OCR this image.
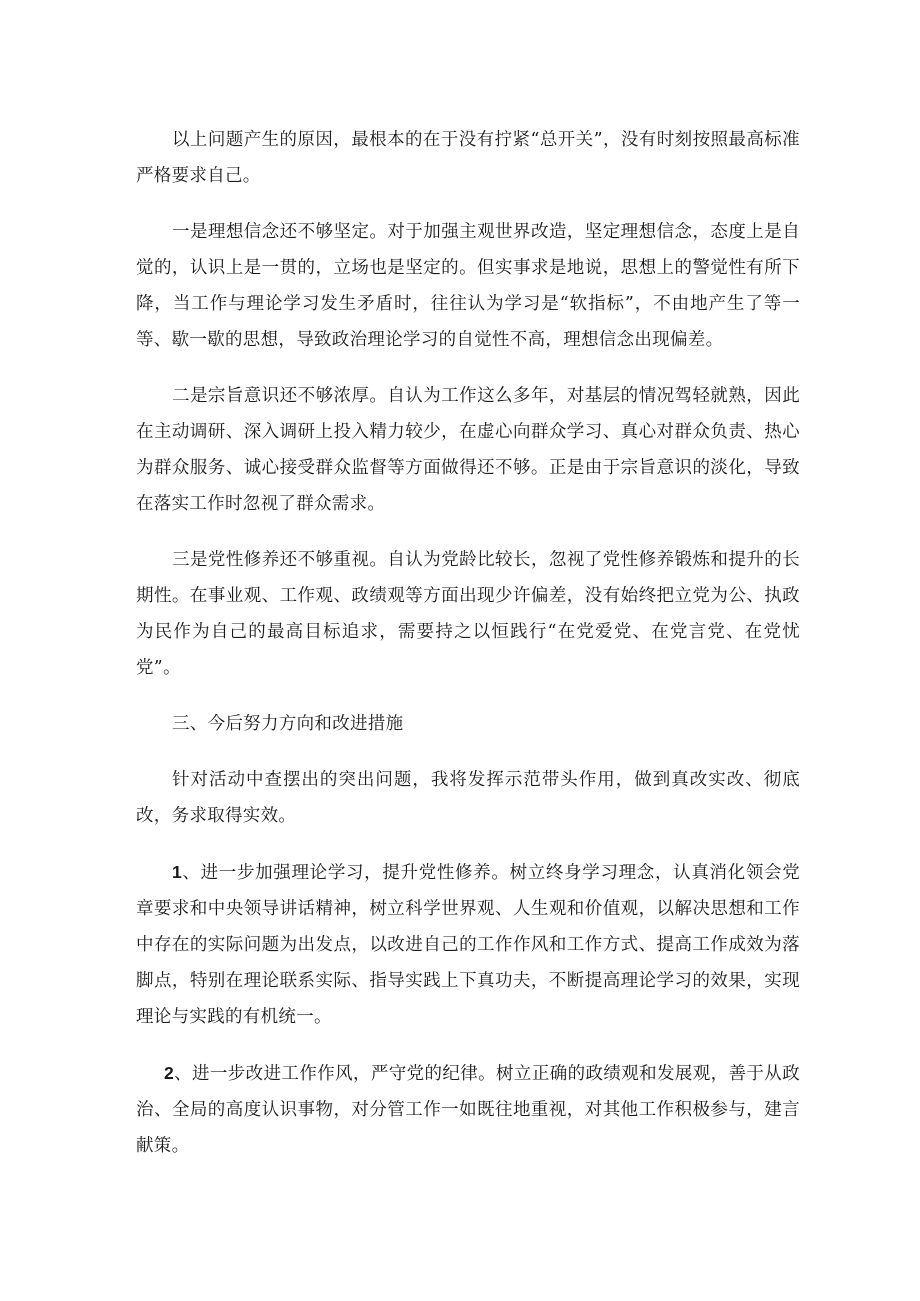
以上问题产生的原因，最根本的在于没有拧紧“总开关”，没有时刻按照最高标准严格要求自己。

一是理想信念还不够坚定。对于加强主观世界改造，坚定理想信念，态度上是自觉的，认识上是一贯的，立场也是坚定的。但实事求是地说，思想上的警觉性有所下降，当工作与理论学习发生矛盾时，往往认为学习是“软指标”，不由地产生了等一等、歇一歇的思想，导致政治理论学习的自觉性不高，理想信念出现偏差。

二是宗旨意识还不够浓厚。自认为工作这么多年，对基层的情况驾轻就熟，因此在主动调研、深入调研上投入精力较少，在虚心向群众学习、真心对群众负责、热心为群众服务、诚心接受群众监督等方面做得还不够。正是由于宗旨意识的淡化，导致在落实工作时忽视了群众需求。

三是党性修养还不够重视。自认为党龄比较长，忽视了党性修养锻炼和提升的长期性。在事业观、工作观、政绩观等方面出现少许偏差，没有始终把立党为公、执政为民作为自己的最高目标追求，需要持之以恒践行“在党爱党、在党言党、在党忧党”。

三、今后努力方向和改进措施

针对活动中查摆出的突出问题，我将发挥示范带头作用，做到真改实改、彻底改，务求取得实效。

1、进一步加强理论学习，提升党性修养。树立终身学习理念，认真消化领会党章要求和中央领导讲话精神，树立科学世界观、人生观和价值观，以解决思想和工作中存在的实际问题为出发点，以改进自己的工作作风和工作方式、提高工作成效为落脚点，特别在理论联系实际、指导实践上下真功夫，不断提高理论学习的效果，实现理论与实践的有机统一。

2、进一步改进工作作风，严守党的纪律。树立正确的政绩观和发展观，善于从政治、全局的高度认识事物，对分管工作一如既往地重视，对其他工作积极参与，建言献策。
